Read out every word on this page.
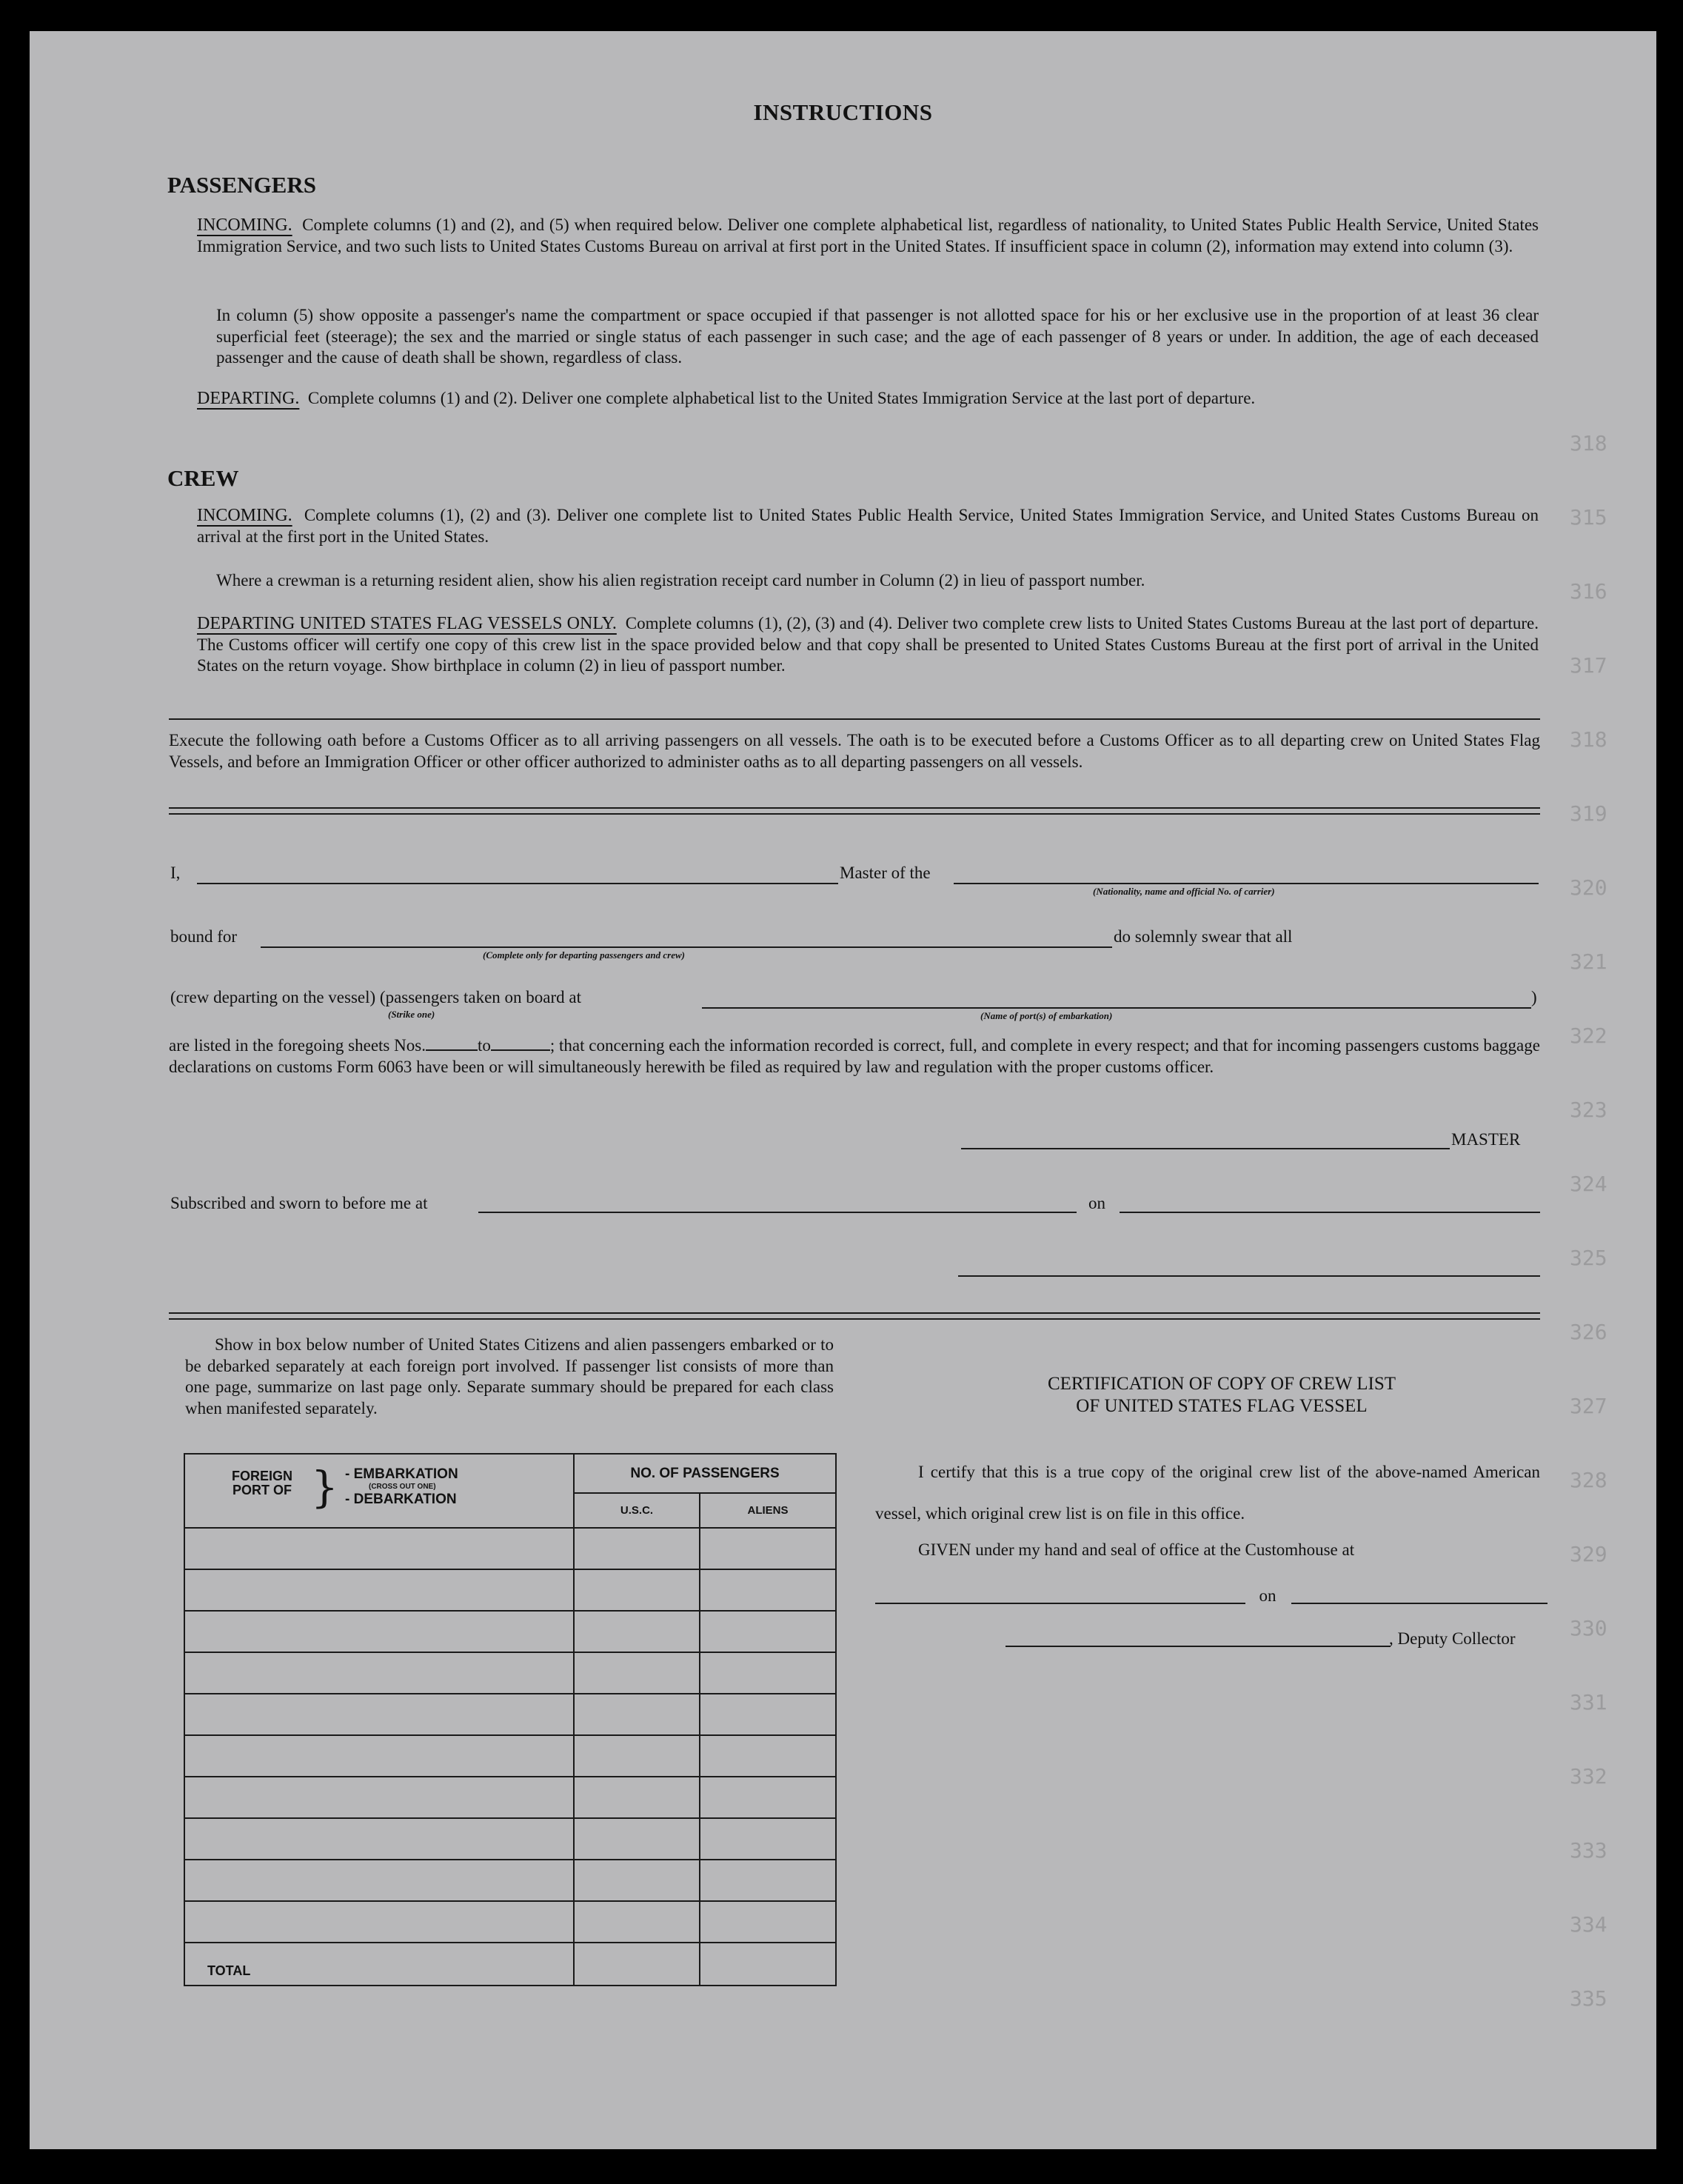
318
315
316
317
318
319
320
321
322
323
324
325
326
327
328
329
330
331
332
333
334
335
INSTRUCTIONS
PASSENGERS
INCOMING. Complete columns (1) and (2), and (5) when required below. Deliver one complete alphabetical list, regardless of nationality, to United States Public Health Service, United States Immigration Service, and two such lists to United States Customs Bureau on arrival at first port in the United States. If insufficient space in column (2), information may extend into column (3).
In column (5) show opposite a passenger's name the compartment or space occupied if that passenger is not allotted space for his or her exclusive use in the proportion of at least 36 clear superficial feet (steerage); the sex and the married or single status of each passenger in such case; and the age of each passenger of 8 years or under. In addition, the age of each deceased passenger and the cause of death shall be shown, regardless of class.
DEPARTING. Complete columns (1) and (2). Deliver one complete alphabetical list to the United States Immigration Service at the last port of departure.
CREW
INCOMING. Complete columns (1), (2) and (3). Deliver one complete list to United States Public Health Service, United States Immigration Service, and United States Customs Bureau on arrival at the first port in the United States.
Where a crewman is a returning resident alien, show his alien registration receipt card number in Column (2) in lieu of passport number.
DEPARTING UNITED STATES FLAG VESSELS ONLY. Complete columns (1), (2), (3) and (4). Deliver two complete crew lists to United States Customs Bureau at the last port of departure. The Customs officer will certify one copy of this crew list in the space provided below and that copy shall be presented to United States Customs Bureau at the first port of arrival in the United States on the return voyage. Show birthplace in column (2) in lieu of passport number.
Execute the following oath before a Customs Officer as to all arriving passengers on all vessels. The oath is to be executed before a Customs Officer as to all departing crew on United States Flag Vessels, and before an Immigration Officer or other officer authorized to administer oaths as to all departing passengers on all vessels.
I,	Master of the
(Nationality, name and official No. of carrier)
bound for	do solemnly swear that all
(Complete only for departing passengers and crew)
(crew departing on the vessel) (passengers taken on board at	)
(Strike one)	(Name of port(s) of embarkation)
are listed in the foregoing sheets Nos.	to	; that concerning each the information recorded is correct, full, and complete in every respect; and that for incoming passengers customs baggage declarations on customs Form 6063 have been or will simultaneously herewith be filed as required by law and regulation with the proper customs officer.
MASTER
Subscribed and sworn to before me at	on
Show in box below number of United States Citizens and alien passengers embarked or to be debarked separately at each foreign port involved. If passenger list consists of more than one page, summarize on last page only. Separate summary should be prepared for each class when manifested separately.
FOREIGN PORT OF } - EMBARKATION
(CROSS OUT ONE)
- DEBARKATION	NO. OF PASSENGERS	
	U.S.C.	ALIENS

TOTAL		
CERTIFICATION OF COPY OF CREW LIST
OF UNITED STATES FLAG VESSEL
I certify that this is a true copy of the original crew list of the above-named American vessel, which original crew list is on file in this office.
GIVEN under my hand and seal of office at the Customhouse at
on
, Deputy Collector
